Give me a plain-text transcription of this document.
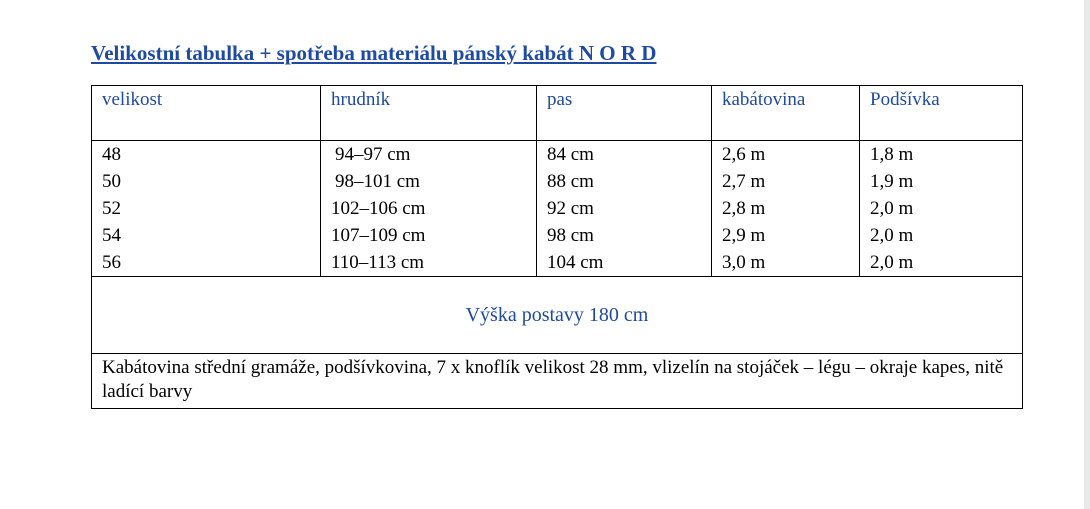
Velikostní tabulka + spotřeba materiálu pánský kabát N O R D
velikost	hrudník	pas	kabátovina	Podšívka
48	94–97 cm	84 cm	2,6 m	1,8 m
50	98–101 cm	88 cm	2,7 m	1,9 m
52	102–106 cm	92 cm	2,8 m	2,0 m
54	107–109 cm	98 cm	2,9 m	2,0 m
56	110–113 cm	104 cm	3,0 m	2,0 m
Výška postavy 180 cm				
Kabátovina střední gramáže, podšívkovina, 7 x knoflík velikost 28 mm, vlizelín na stojáček – légu – okraje kapes, nitě ladící barvy				
